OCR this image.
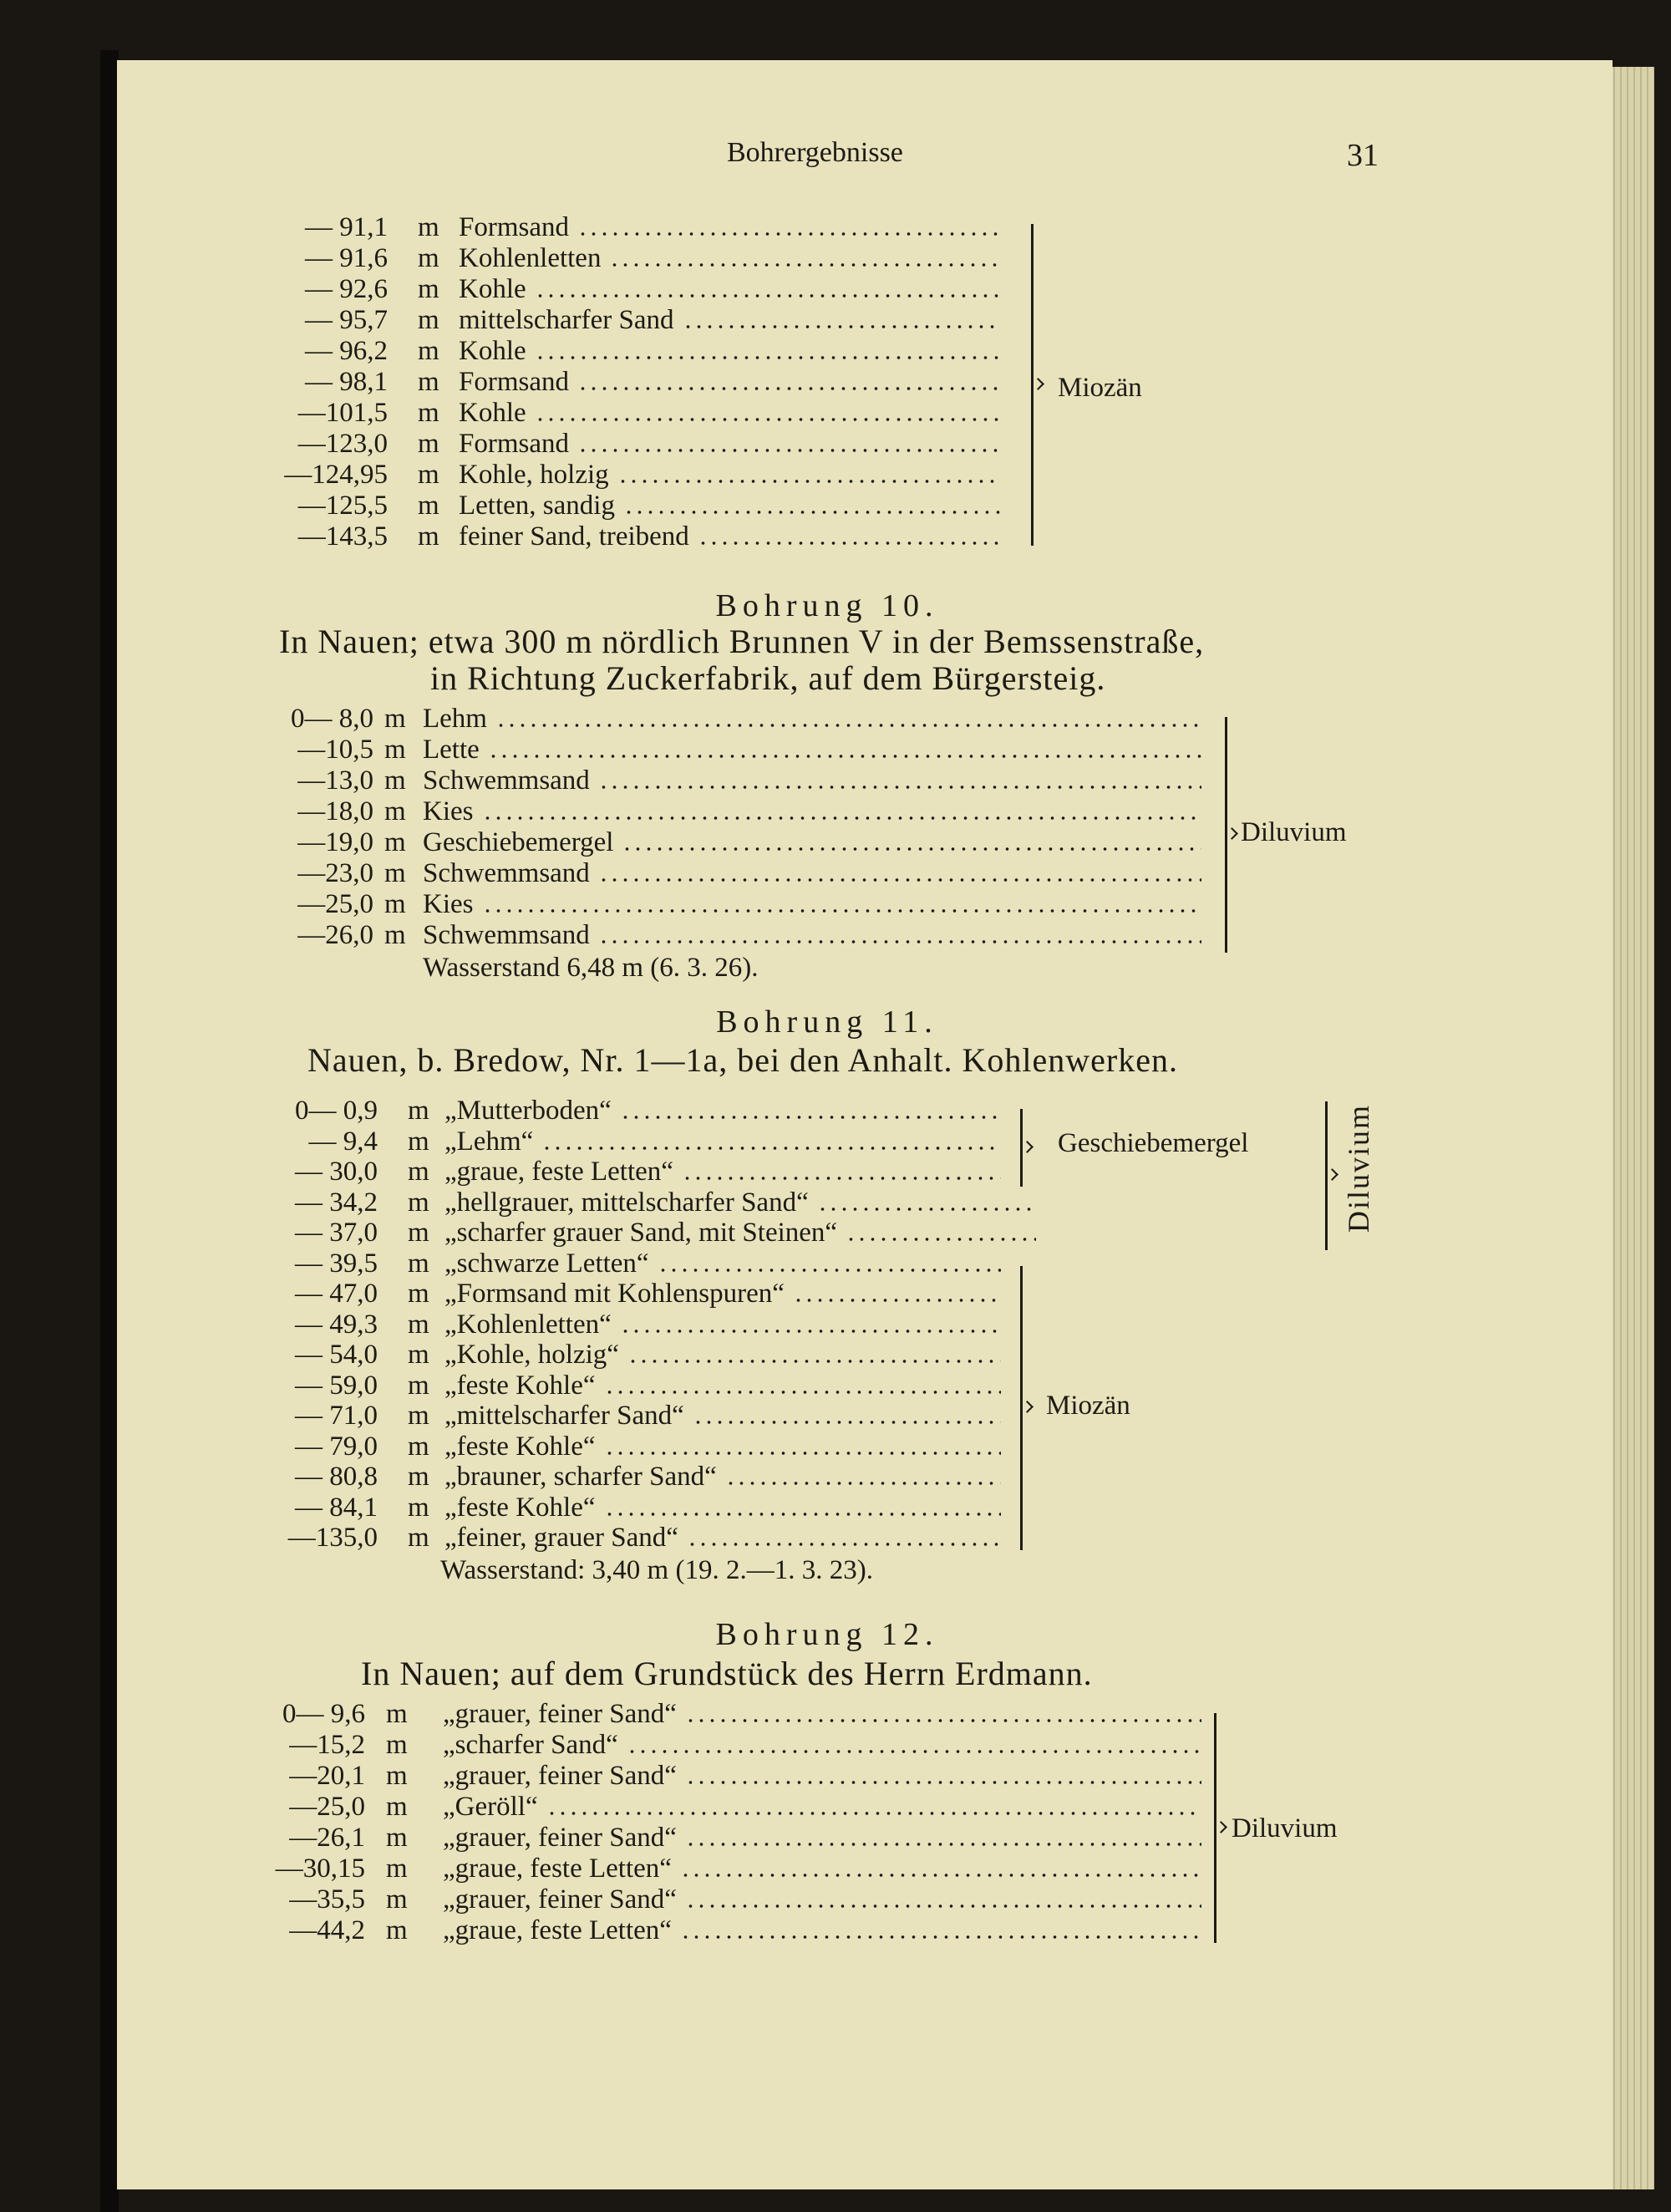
Bohrergebnisse	31
Bohrung 10.
In Nauen; etwa 300 m nördlich Brunnen V in der Bemssenstraße,
in Richtung Zuckerfabrik, auf dem Bürgersteig.
Wasserstand 6,48 m (6. 3. 26).
Bohrung 11.
Nauen, b. Bredow, Nr. 1—1a, bei den Anhalt. Kohlenwerken.
Wasserstand: 3,40 m (19. 2.—1. 3. 23).
Bohrung 12.
In Nauen; auf dem Grundstück des Herrn Erdmann.
Miozän
Diluvium
Geschiebemergel
Miozän
Diluvium
Diluvium
— 91,1 m Formsand
— 91,6 m Kohlenletten
— 92,6 m Kohle
— 95,7 m mittelscharfer Sand
— 96,2 m Kohle
— 98,1 m Formsand
—101,5 m Kohle
—123,0 m Formsand
—124,95 m Kohle, holzig
—125,5 m Letten, sandig
—143,5 m feiner Sand, treibend
0— 8,0 m Lehm
—10,5 m Lette
—13,0 m Schwemmsand
—18,0 m Kies
—19,0 m Geschiebemergel
—23,0 m Schwemmsand
—25,0 m Kies
—26,0 m Schwemmsand
0— 0,9 m „Mutterboden“
— 9,4 m „Lehm“
— 30,0 m „graue, feste Letten“
— 34,2 m „hellgrauer, mittelscharfer Sand“
— 37,0 m „scharfer grauer Sand, mit Steinen“
— 39,5 m „schwarze Letten“
— 47,0 m „Formsand mit Kohlenspuren“
— 49,3 m „Kohlenletten“
— 54,0 m „Kohle, holzig“
— 59,0 m „feste Kohle“
— 71,0 m „mittelscharfer Sand“
— 79,0 m „feste Kohle“
— 80,8 m „brauner, scharfer Sand“
— 84,1 m „feste Kohle“
—135,0 m „feiner, grauer Sand“
0— 9,6 m „grauer, feiner Sand“
—15,2 m „scharfer Sand“
—20,1 m „grauer, feiner Sand“
—25,0 m „Geröll“
—26,1 m „grauer, feiner Sand“
—30,15 m „graue, feste Letten“
—35,5 m „grauer, feiner Sand“
—44,2 m „graue, feste Letten“
